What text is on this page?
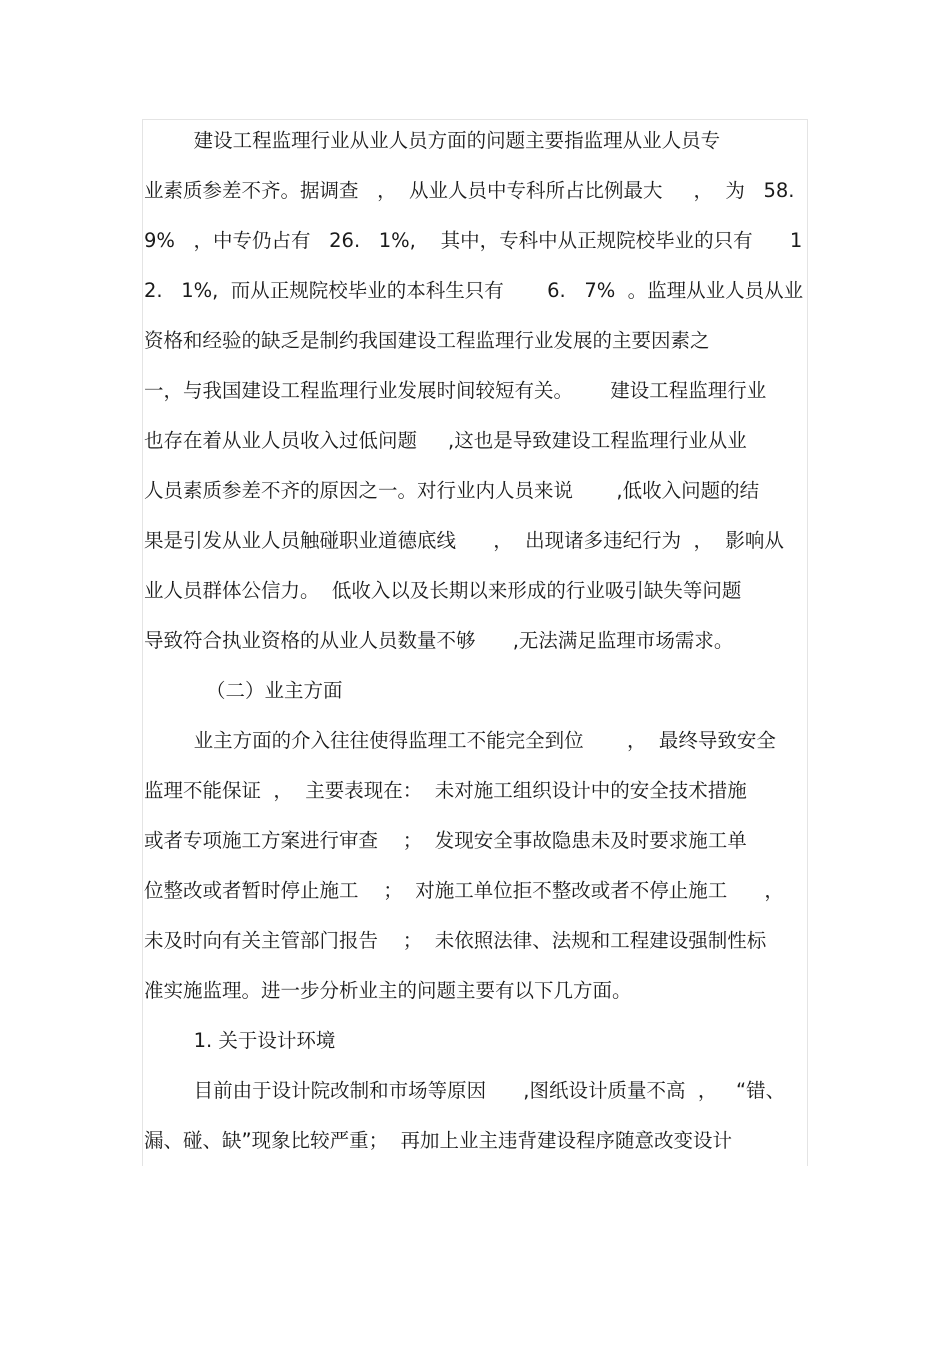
建设工程监理行业从业人员方面的问题主要指监理从业人员专
业素质参差不齐。据调查   ，  从业人员中专科所占比例最大     ，  为   58.
9%   ，中专仍占有   26.   1%,    其中，专科中从正规院校毕业的只有      1
2.   1%,  而从正规院校毕业的本科生只有       6.   7%  。监理从业人员从业
资格和经验的缺乏是制约我国建设工程监理行业发展的主要因素之
一，与我国建设工程监理行业发展时间较短有关。      建设工程监理行业
也存在着从业人员收入过低问题     ,这也是导致建设工程监理行业从业
人员素质参差不齐的原因之一。对行业内人员来说       ,低收入问题的结
果是引发从业人员触碰职业道德底线      ，  出现诸多违纪行为  ，  影响从
业人员群体公信力。  低收入以及长期以来形成的行业吸引缺失等问题
导致符合执业资格的从业人员数量不够      ,无法满足监理市场需求。
（二）业主方面
业主方面的介入往往使得监理工不能完全到位       ，  最终导致安全
监理不能保证  ，  主要表现在：  未对施工组织设计中的安全技术措施
或者专项施工方案进行审查    ；  发现安全事故隐患未及时要求施工单
位整改或者暂时停止施工    ；  对施工单位拒不整改或者不停止施工      ，
未及时向有关主管部门报告    ；  未依照法律、法规和工程建设强制性标
准实施监理。进一步分析业主的问题主要有以下几方面。
1. 关于设计环境
目前由于设计院改制和市场等原因      ,图纸设计质量不高  ，   “错、
漏、碰、缺”现象比较严重；  再加上业主违背建设程序随意改变设计
